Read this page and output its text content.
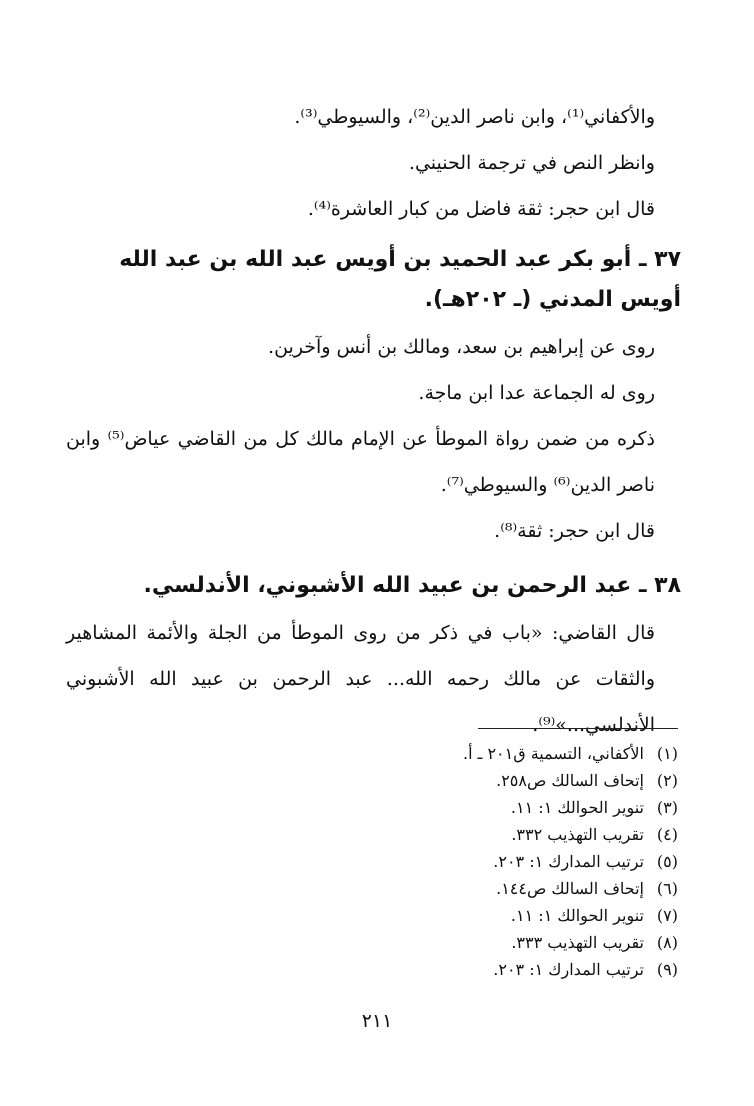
والأكفاني⁽¹⁾، وابن ناصر الدين⁽²⁾، والسيوطي⁽³⁾.

وانظر النص في ترجمة الحنيني.

قال ابن حجر: ثقة فاضل من كبار العاشرة⁽⁴⁾.

٣٧ ـ أبو بكر عبد الحميد بن أويس عبد الله بن عبد الله أويس المدني (ـ ٢٠٢هـ).

روى عن إبراهيم بن سعد، ومالك بن أنس وآخرين.

روى له الجماعة عدا ابن ماجة.

ذكره من ضمن رواة الموطأ عن الإمام مالك كل من القاضي عياض⁽⁵⁾ وابن ناصر الدين⁽⁶⁾ والسيوطي⁽⁷⁾.

قال ابن حجر: ثقة⁽⁸⁾.

٣٨ ـ عبد الرحمن بن عبيد الله الأشبوني، الأندلسي.

قال القاضي: «باب في ذكر من روى الموطأ من الجلة والأئمة المشاهير والثقات عن مالك رحمه الله... عبد الرحمن بن عبيد الله الأشبوني الأندلسي...»⁽⁹⁾.

(١)الأكفاني، التسمية ق٢٠١ ـ أ.
(٢)إتحاف السالك ص٢٥٨.
(٣)تنوير الحوالك ١: ١١.
(٤)تقريب التهذيب ٣٣٢.
(٥)ترتيب المدارك ١: ٢٠٣.
(٦)إتحاف السالك ص١٤٤.
(٧)تنوير الحوالك ١: ١١.
(٨)تقريب التهذيب ٣٣٣.
(٩)ترتيب المدارك ١: ٢٠٣.
٢١١
